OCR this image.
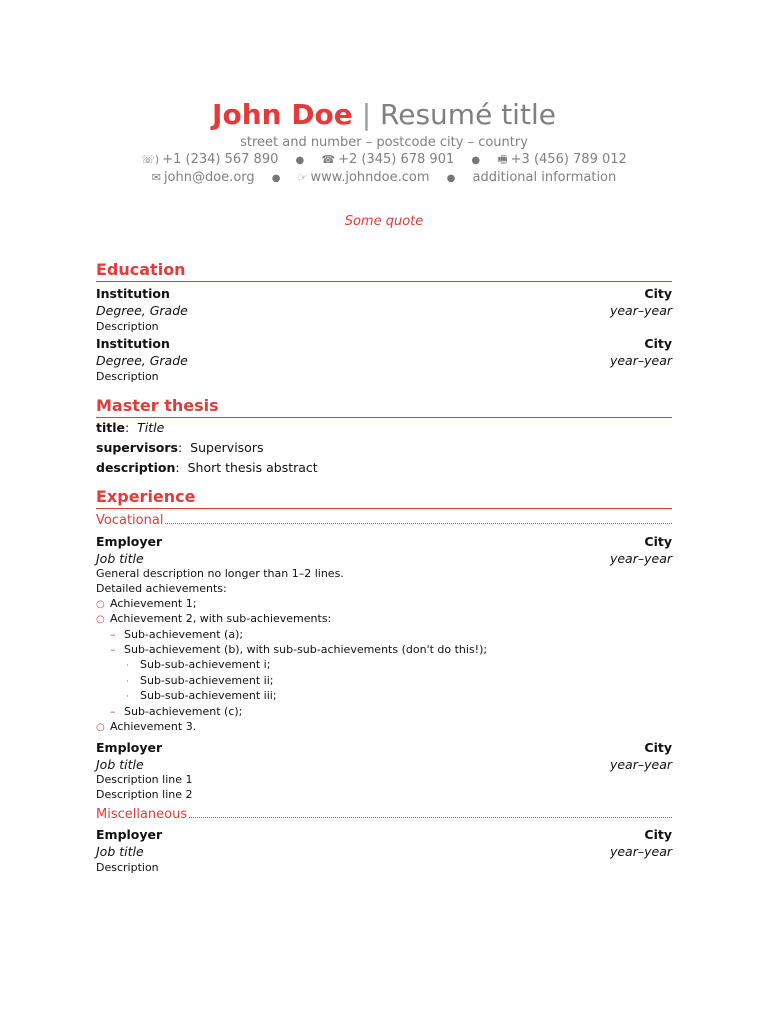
John Doe | Resumé title
street and number – postcode city – country
☏) +1 (234) 567 890 ● ☎ +2 (345) 678 901 ● 🖷 +3 (456) 789 012
✉ john@doe.org ● ☞ www.johndoe.com ● additional information
Some quote
Education
Institution	City
Degree, Grade	year–year
Description
Institution	City
Degree, Grade	year–year
Description
Master thesis
title:  Title
supervisors:  Supervisors
description:  Short thesis abstract
Experience
Vocational
Employer	City
Job title	year–year
General description no longer than 1–2 lines.
Detailed achievements:
○ Achievement 1;
○ Achievement 2, with sub-achievements:
– Sub-achievement (a);
– Sub-achievement (b), with sub-sub-achievements (don't do this!);
·	Sub-sub-achievement i;
·	Sub-sub-achievement ii;
·	Sub-sub-achievement iii;
– Sub-achievement (c);
○ Achievement 3.
Employer	City
Job title	year–year
Description line 1
Description line 2
Miscellaneous
Employer	City
Job title	year–year
Description
